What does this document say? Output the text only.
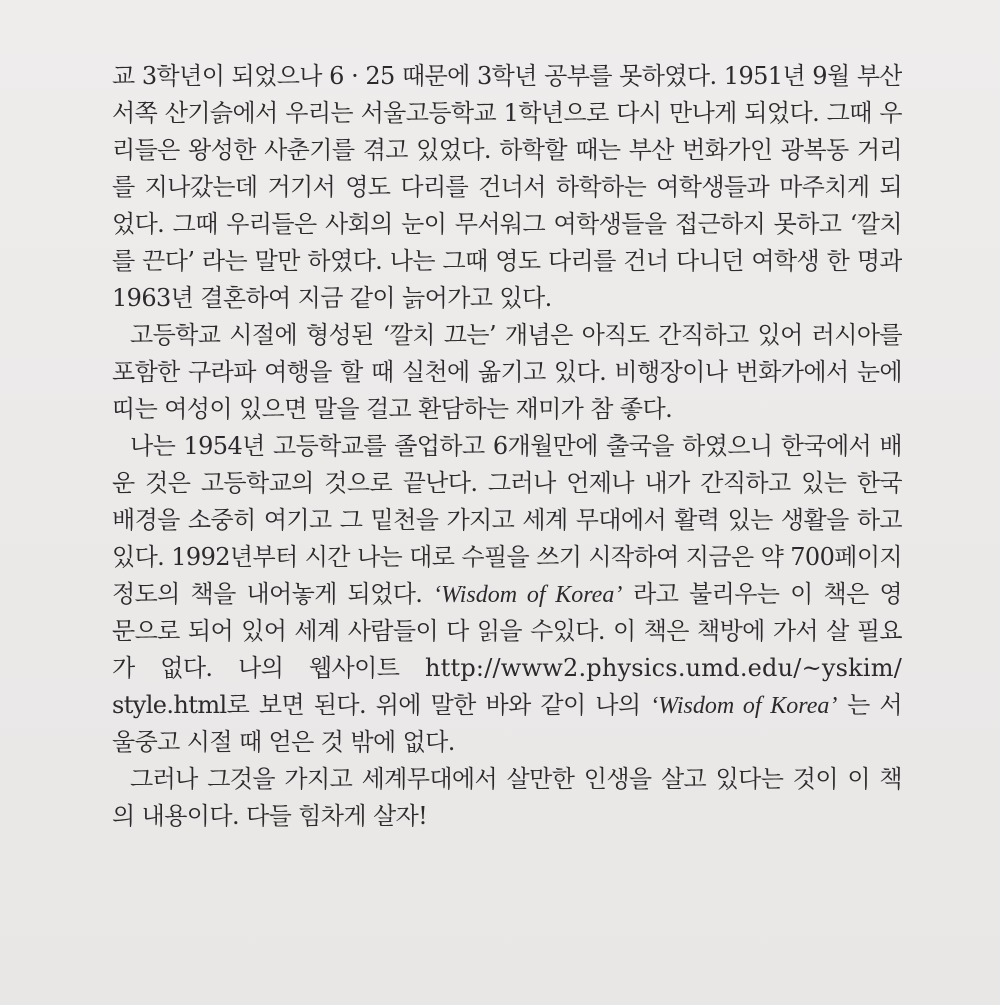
교 3학년이 되었으나 6 · 25 때문에 3학년 공부를 못하였다. 1951년 9월 부산
서쪽 산기슭에서 우리는 서울고등학교 1학년으로 다시 만나게 되었다. 그때 우
리들은 왕성한 사춘기를 겪고 있었다. 하학할 때는 부산 번화가인 광복동 거리
를 지나갔는데 거기서 영도 다리를 건너서 하학하는 여학생들과 마주치게 되
었다. 그때 우리들은 사회의 눈이 무서워그 여학생들을 접근하지 못하고 ‘깔치
를 끈다’ 라는 말만 하였다. 나는 그때 영도 다리를 건너 다니던 여학생 한 명과
1963년 결혼하여 지금 같이 늙어가고 있다.
고등학교 시절에 형성된 ‘깔치 끄는’ 개념은 아직도 간직하고 있어 러시아를
포함한 구라파 여행을 할 때 실천에 옮기고 있다. 비행장이나 번화가에서 눈에
띠는 여성이 있으면 말을 걸고 환담하는 재미가 참 좋다.
나는 1954년 고등학교를 졸업하고 6개월만에 출국을 하였으니 한국에서 배
운 것은 고등학교의 것으로 끝난다. 그러나 언제나 내가 간직하고 있는 한국
배경을 소중히 여기고 그 밑천을 가지고 세계 무대에서 활력 있는 생활을 하고
있다. 1992년부터 시간 나는 대로 수필을 쓰기 시작하여 지금은 약 700페이지
정도의 책을 내어놓게 되었다. ‘Wisdom of Korea’ 라고 불리우는 이 책은 영
문으로 되어 있어 세계 사람들이 다 읽을 수있다. 이 책은 책방에 가서 살 필요
가 없다. 나의 웹사이트 http://www2.physics.umd.edu/~yskim/
style.html로 보면 된다. 위에 말한 바와 같이 나의 ‘Wisdom of Korea’ 는 서
울중고 시절 때 얻은 것 밖에 없다.
그러나 그것을 가지고 세계무대에서 살만한 인생을 살고 있다는 것이 이 책
의 내용이다. 다들 힘차게 살자!
